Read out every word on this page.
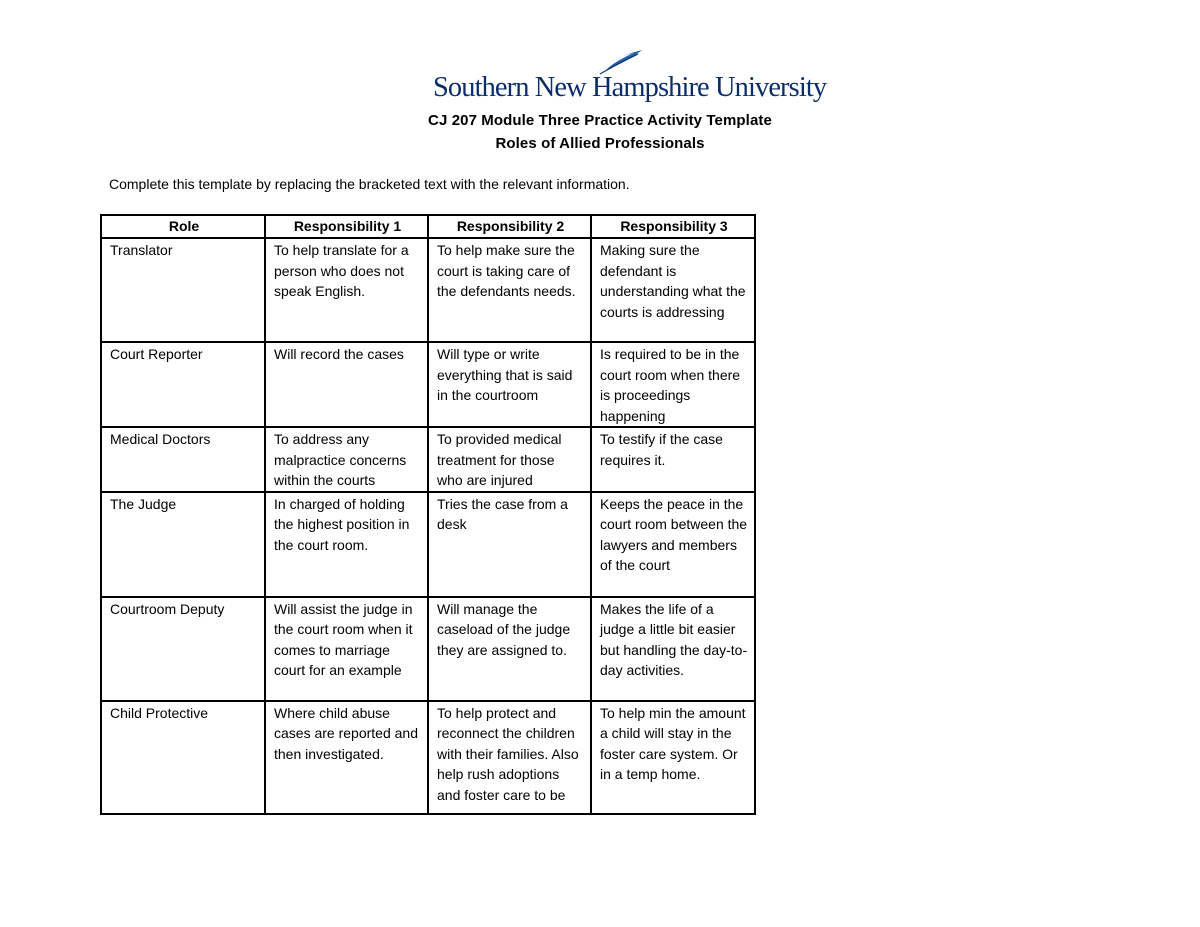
Southern New Hampshire University
CJ 207 Module Three Practice Activity Template
Roles of Allied Professionals
Complete this template by replacing the bracketed text with the relevant information.
Role	Responsibility 1	Responsibility 2	Responsibility 3
Translator	To help translate for a person who does not speak English.	To help make sure the court is taking care of the defendants needs.	Making sure the defendant is understanding what the courts is addressing
Court Reporter	Will record the cases	Will type or write everything that is said in the courtroom	Is required to be in the court room when there is proceedings happening
Medical Doctors	To address any malpractice concerns within the courts	To provided medical treatment for those who are injured	To testify if the case requires it.
The Judge	In charged of holding the highest position in the court room.	Tries the case from a desk	Keeps the peace in the court room between the lawyers and members of the court
Courtroom Deputy	Will assist the judge in the court room when it comes to marriage court for an example	Will manage the caseload of the judge they are assigned to.	Makes the life of a judge a little bit easier but handling the day-to-day activities.
Child Protective	Where child abuse cases are reported and then investigated.	To help protect and reconnect the children with their families. Also help rush adoptions and foster care to be	To help min the amount a child will stay in the foster care system. Or in a temp home.
